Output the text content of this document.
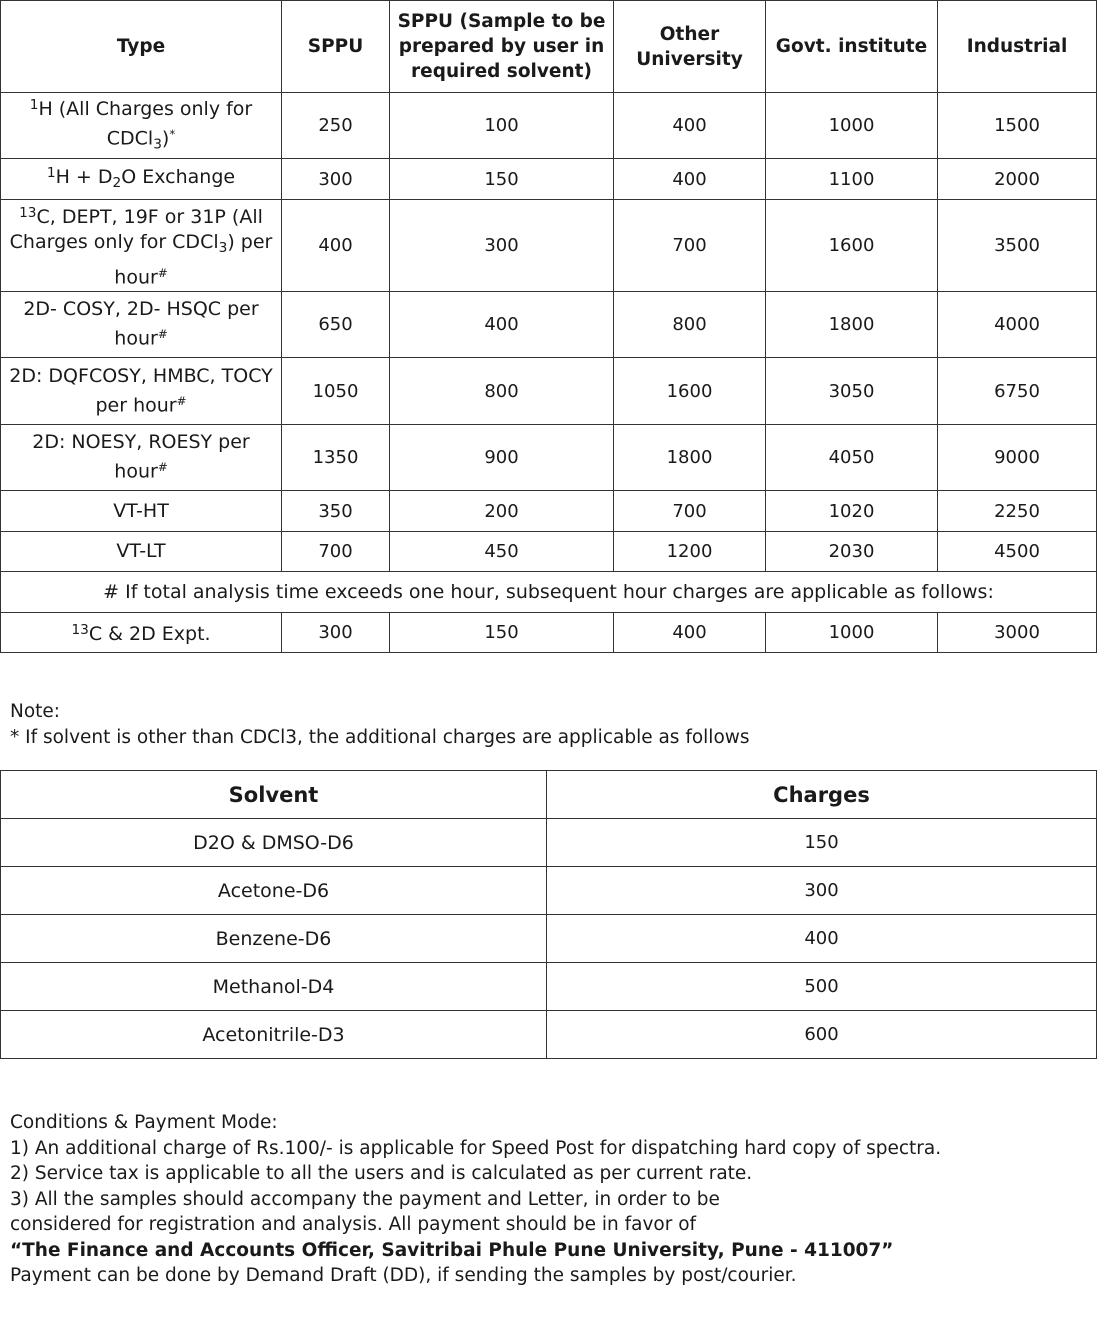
Type	SPPU	SPPU (Sample to be prepared by user in required solvent)	Other University	Govt. institute	Industrial
$^1$H (All Charges only for CDCl$_3$)*	250	100	400	1000	1500
$^1H + D_2O$ Exchange	300	150	400	1100	2000
$^{13}$C, DEPT, 19F or 31P (All Charges only for CDCl$_3$) per hour#	400	300	700	1600	3500
2D- COSY, 2D- HSQC per hour#	650	400	800	1800	4000
2D: DQFCOSY, HMBC, TOCY per hour#	1050	800	1600	3050	6750
2D: NOESY, ROESY per hour#	1350	900	1800	4050	9000
VT-HT	350	200	700	1020	2250
VT-LT	700	450	1200	2030	4500
# If total analysis time exceeds one hour, subsequent hour charges are applicable as follows:					
$^{13}$C & 2D Expt.	300	150	400	1000	3000
Note:
* If solvent is other than CDCl3, the additional charges are applicable as follows
Solvent	Charges
D2O & DMSO-D6	150
Acetone-D6	300
Benzene-D6	400
Methanol-D4	500
Acetonitrile-D3	600
Conditions & Payment Mode:
1) An additional charge of Rs.100/- is applicable for Speed Post for dispatching hard copy of spectra.
2) Service tax is applicable to all the users and is calculated as per current rate.
3) All the samples should accompany the payment and Letter, in order to be
considered for registration and analysis. All payment should be in favor of
“The Finance and Accounts Officer, Savitribai Phule Pune University, Pune - 411007”
Payment can be done by Demand Draft (DD), if sending the samples by post/courier.
